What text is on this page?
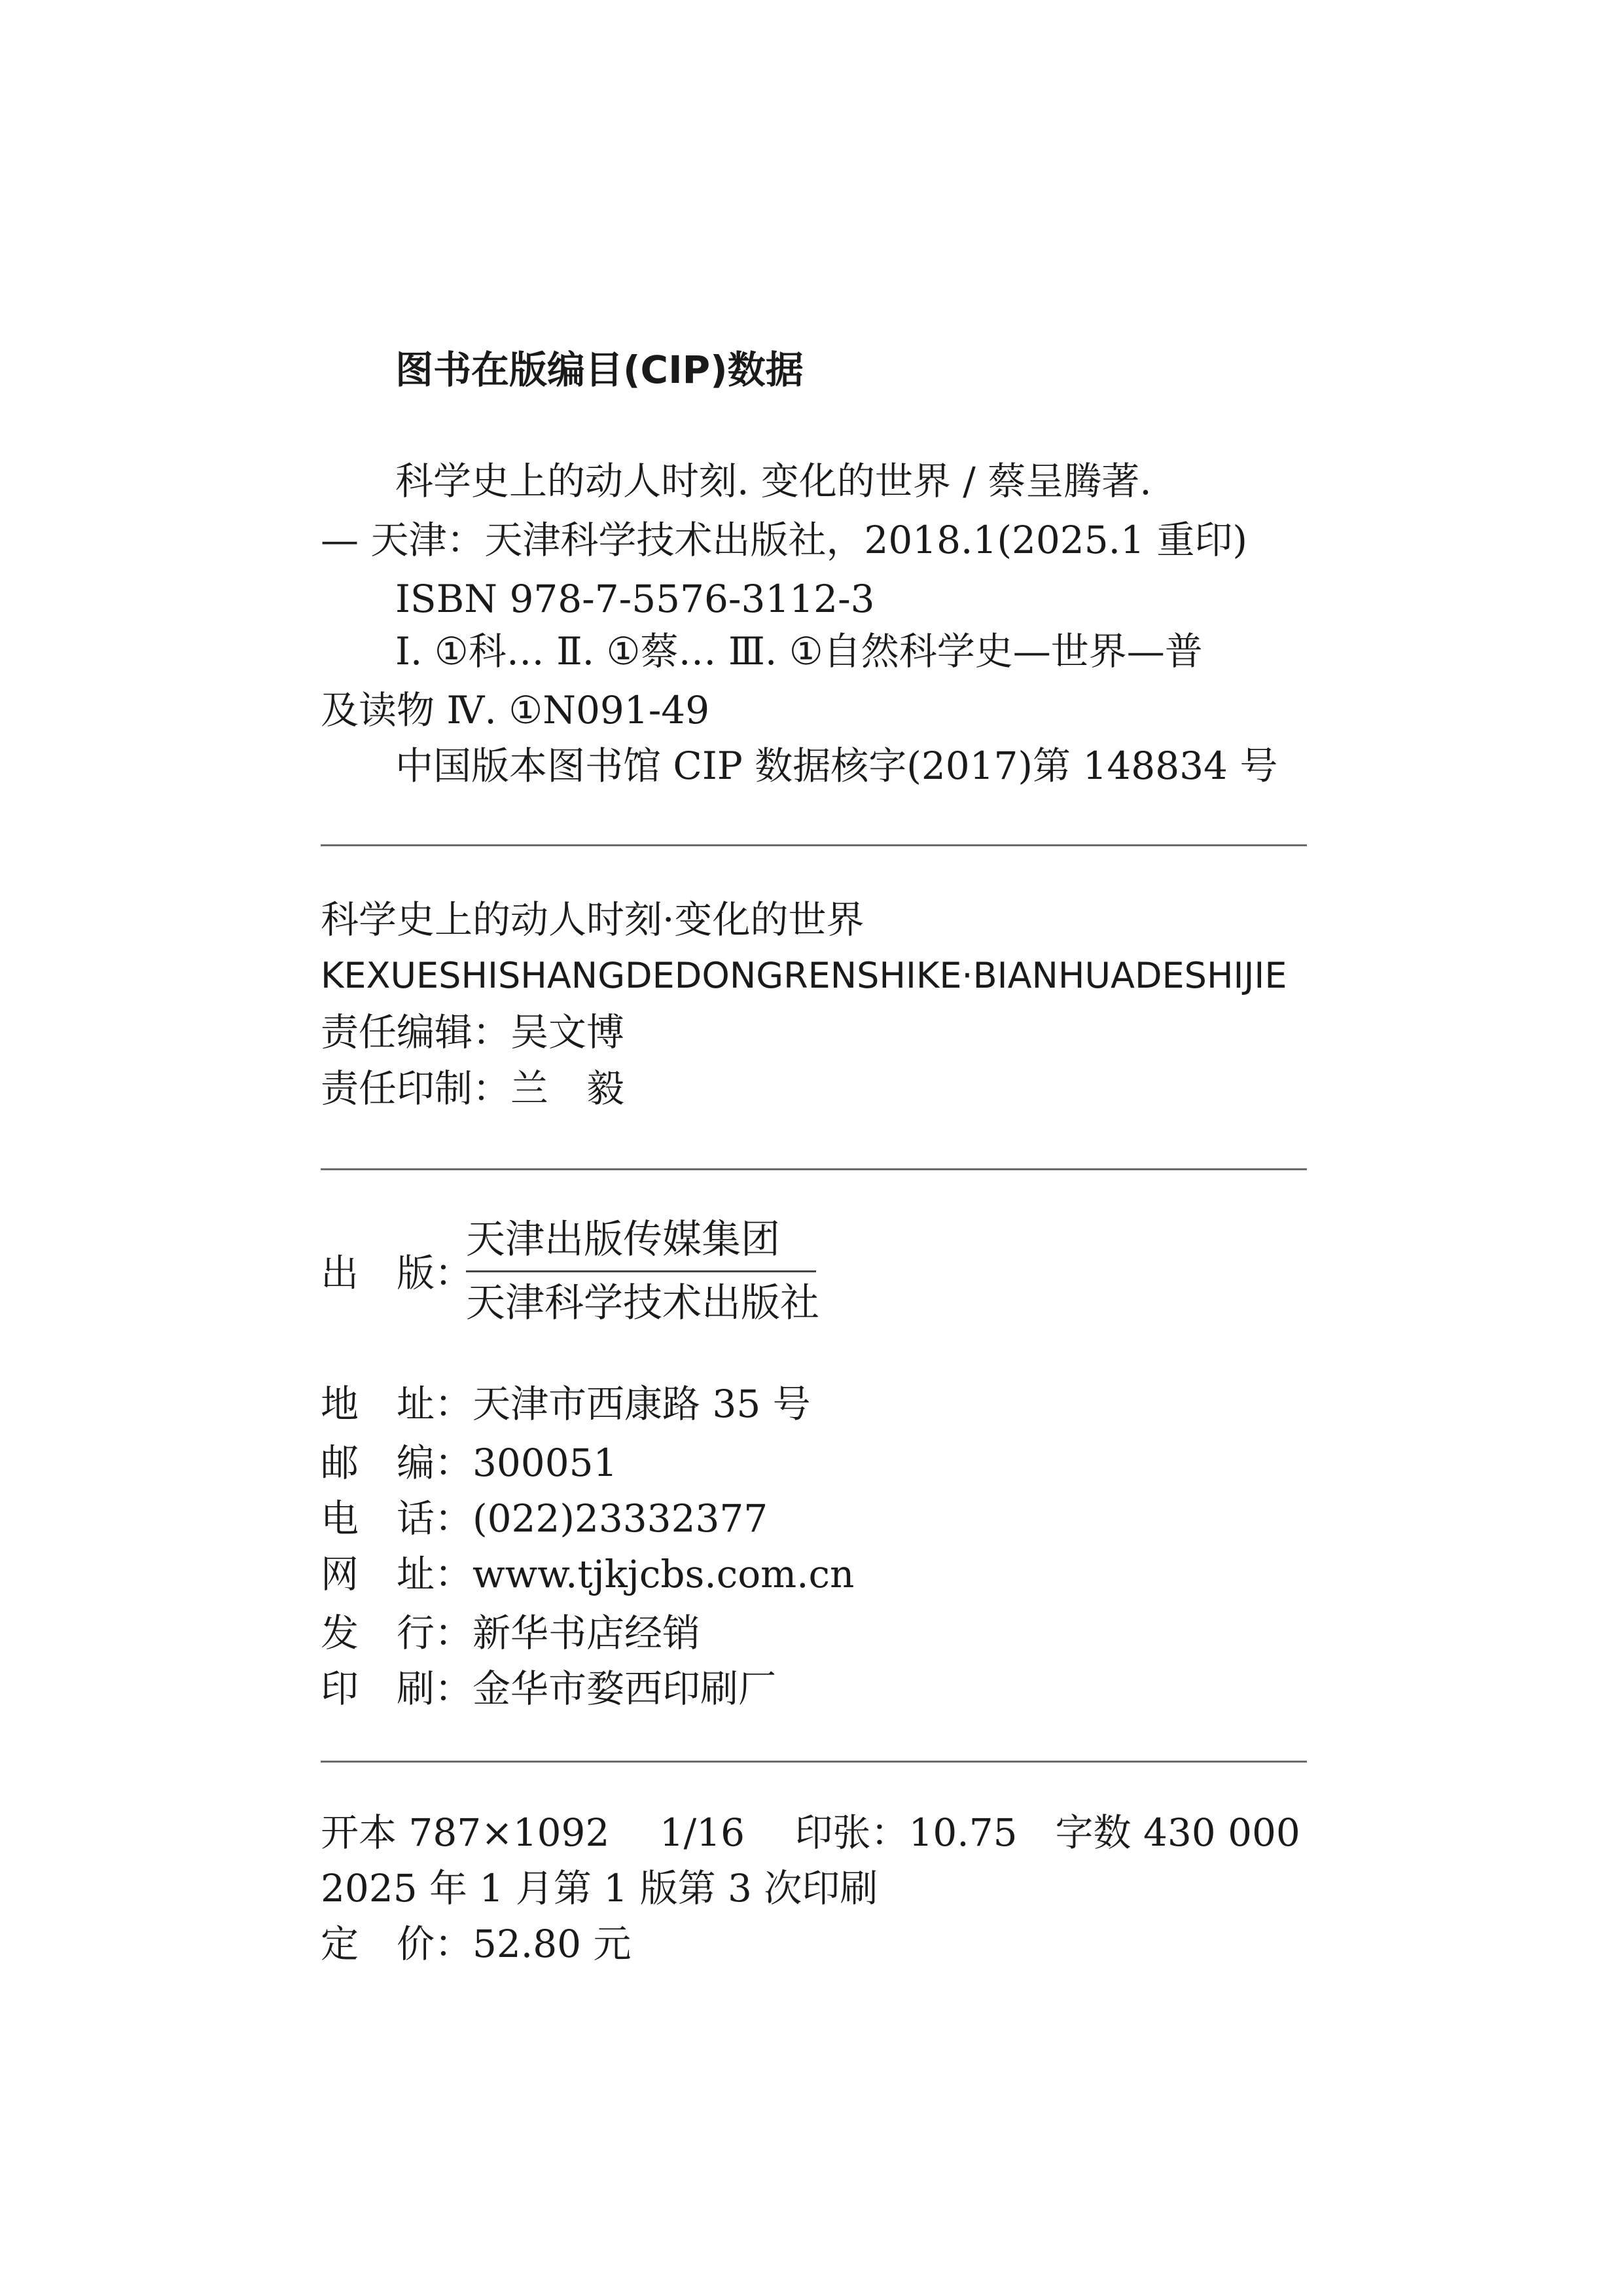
图书在版编目(CIP)数据
科学史上的动人时刻. 变化的世界 / 蔡呈腾著.
— 天津：天津科学技术出版社，2018.1(2025.1 重印)
ISBN 978-7-5576-3112-3
Ⅰ. ①科… Ⅱ. ①蔡… Ⅲ. ①自然科学史—世界—普
及读物 Ⅳ. ①N091-49
中国版本图书馆 CIP 数据核字(2017)第 148834 号
科学史上的动人时刻·变化的世界
KEXUESHISHANGDEDONGRENSHIKE·BIANHUADESHIJIE
责任编辑：吴文博
责任印制：兰　毅
出　版：
天津出版传媒集团
天津科学技术出版社
地　址：天津市西康路 35 号
邮　编：300051
电　话：(022)23332377
网　址：www.tjkjcbs.com.cn
发　行：新华书店经销
印　刷：金华市婺西印刷厂
开本 787×1092　 1/16　 印张：10.75　字数 430 000
2025 年 1 月第 1 版第 3 次印刷
定　价：52.80 元
